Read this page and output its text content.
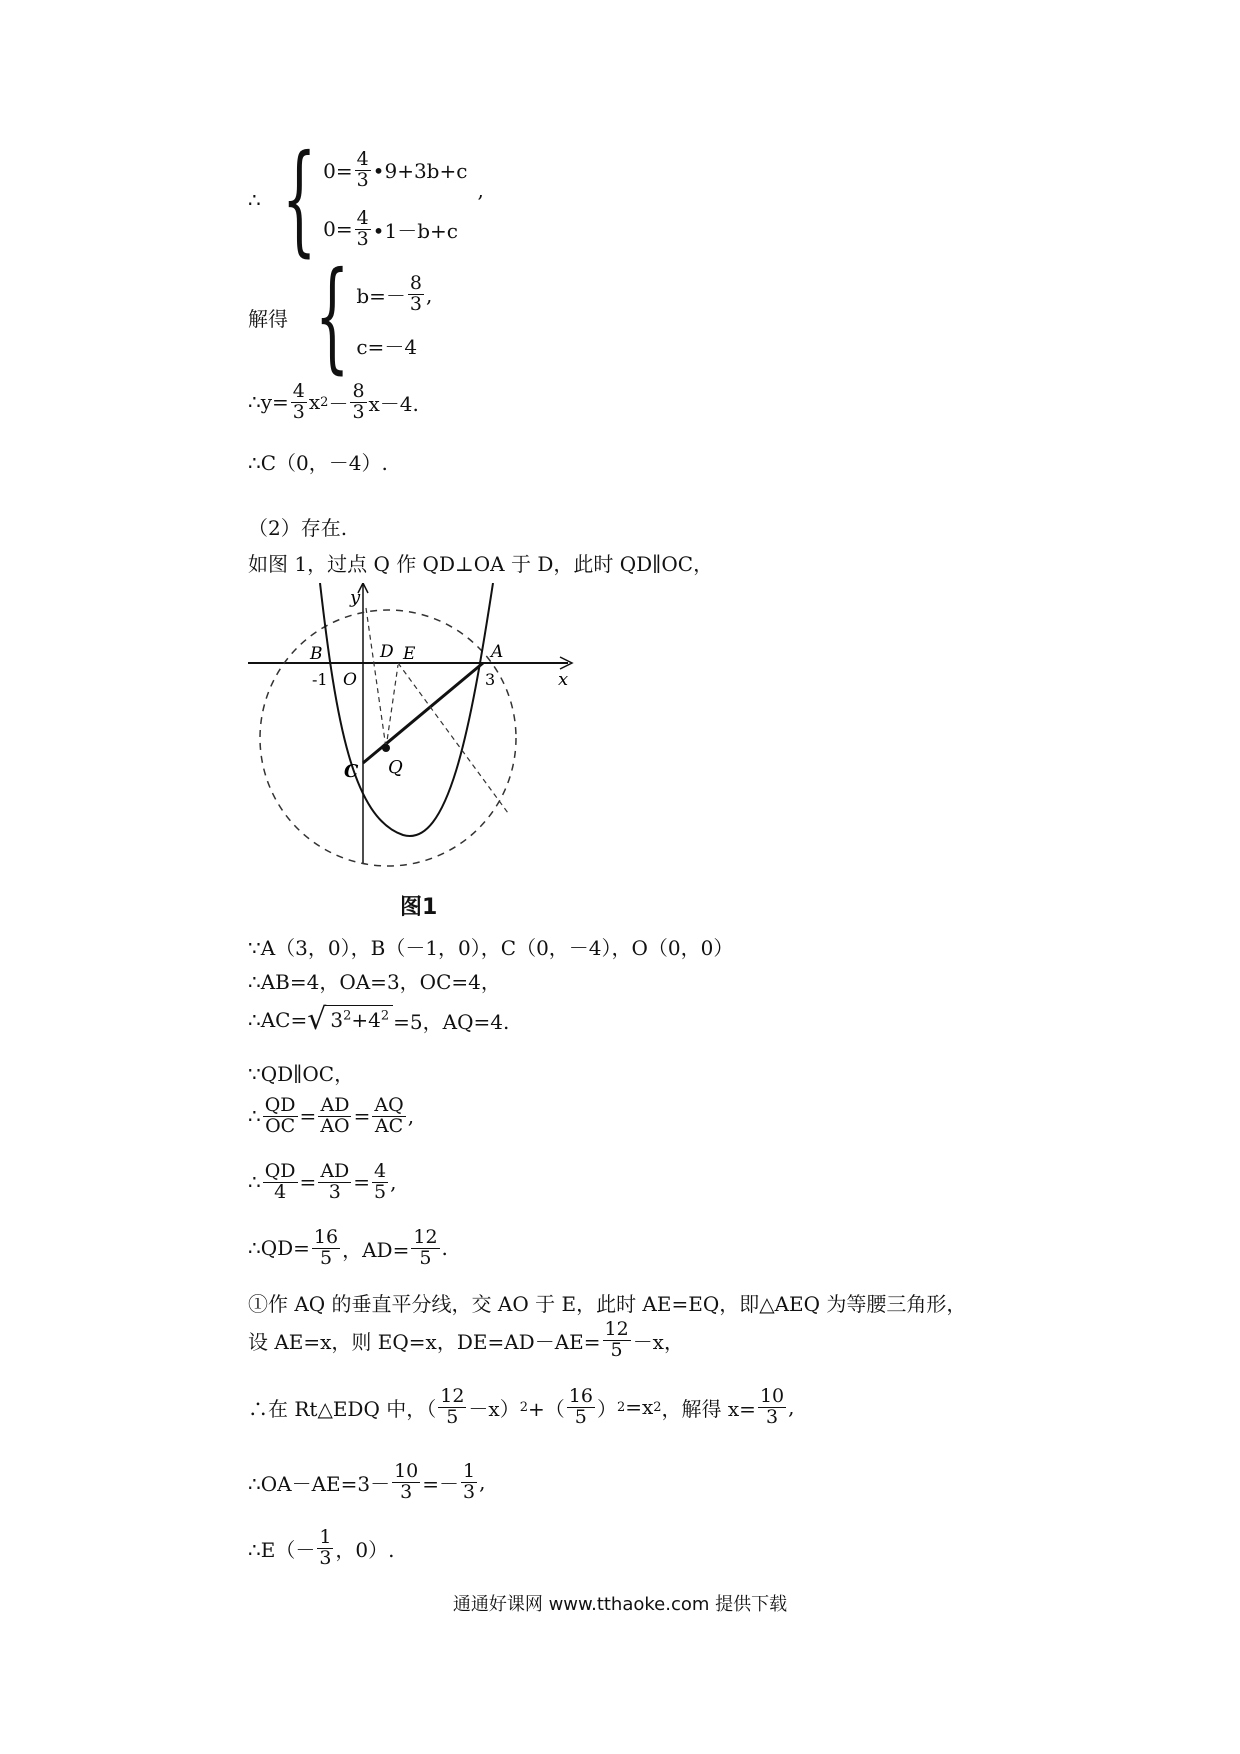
∴ { $0= \frac{4}{3}$ •9+3b+c
$0= \frac{4}{3}$ •1－b+c
,
解得 { $b=- \frac{8}{3}$ ,
c=－4
∴y= $\frac{4}{3}$ x $2 - \frac{8}{3} x-4$.
∴C（0，－4）.
（2）存在.
如图 1，过点 Q 作 QD⊥OA 于 D，此时 QD∥OC，
y
x
B	D E	A
-1 O	3
C Q
图1
∵A（3，0），B（－1，0），C（0，－4），O（0，0）
∴AB=4，OA=3，OC=4，
∴AC= √ $3^2+4^2 =5$，AQ=4.
∵QD∥OC，
∴ $\frac{QD}{OC} = \frac{AD}{AO} = \frac{AQ}{AC}$ ,
∴ $\frac{QD}{4} = \frac{AD}{3} = \frac{4}{5}$ ,
∴QD= $\frac{16}{5}$ ，$AD= \frac{12}{5}$ .
①作 AQ 的垂直平分线，交 AO 于 E，此时 AE=EQ，即△AEQ 为等腰三角形，
设 AE=x，则 EQ=x，$DE=AD-AE= \frac{12}{5} -x$，
∴在 Rt△EDQ 中，（ $\frac{12}{5} -x$） 2 +（ $\frac{16}{5}$ ） 2 =x 2 ，解得 $x= \frac{10}{3}$ ,
∴OA－AE=3－ $\frac{10}{3} =- \frac{1}{3}$ ,
∴E（－ $\frac{1}{3}$ ，0）.
通通好课网 www.tthaoke.com 提供下载
